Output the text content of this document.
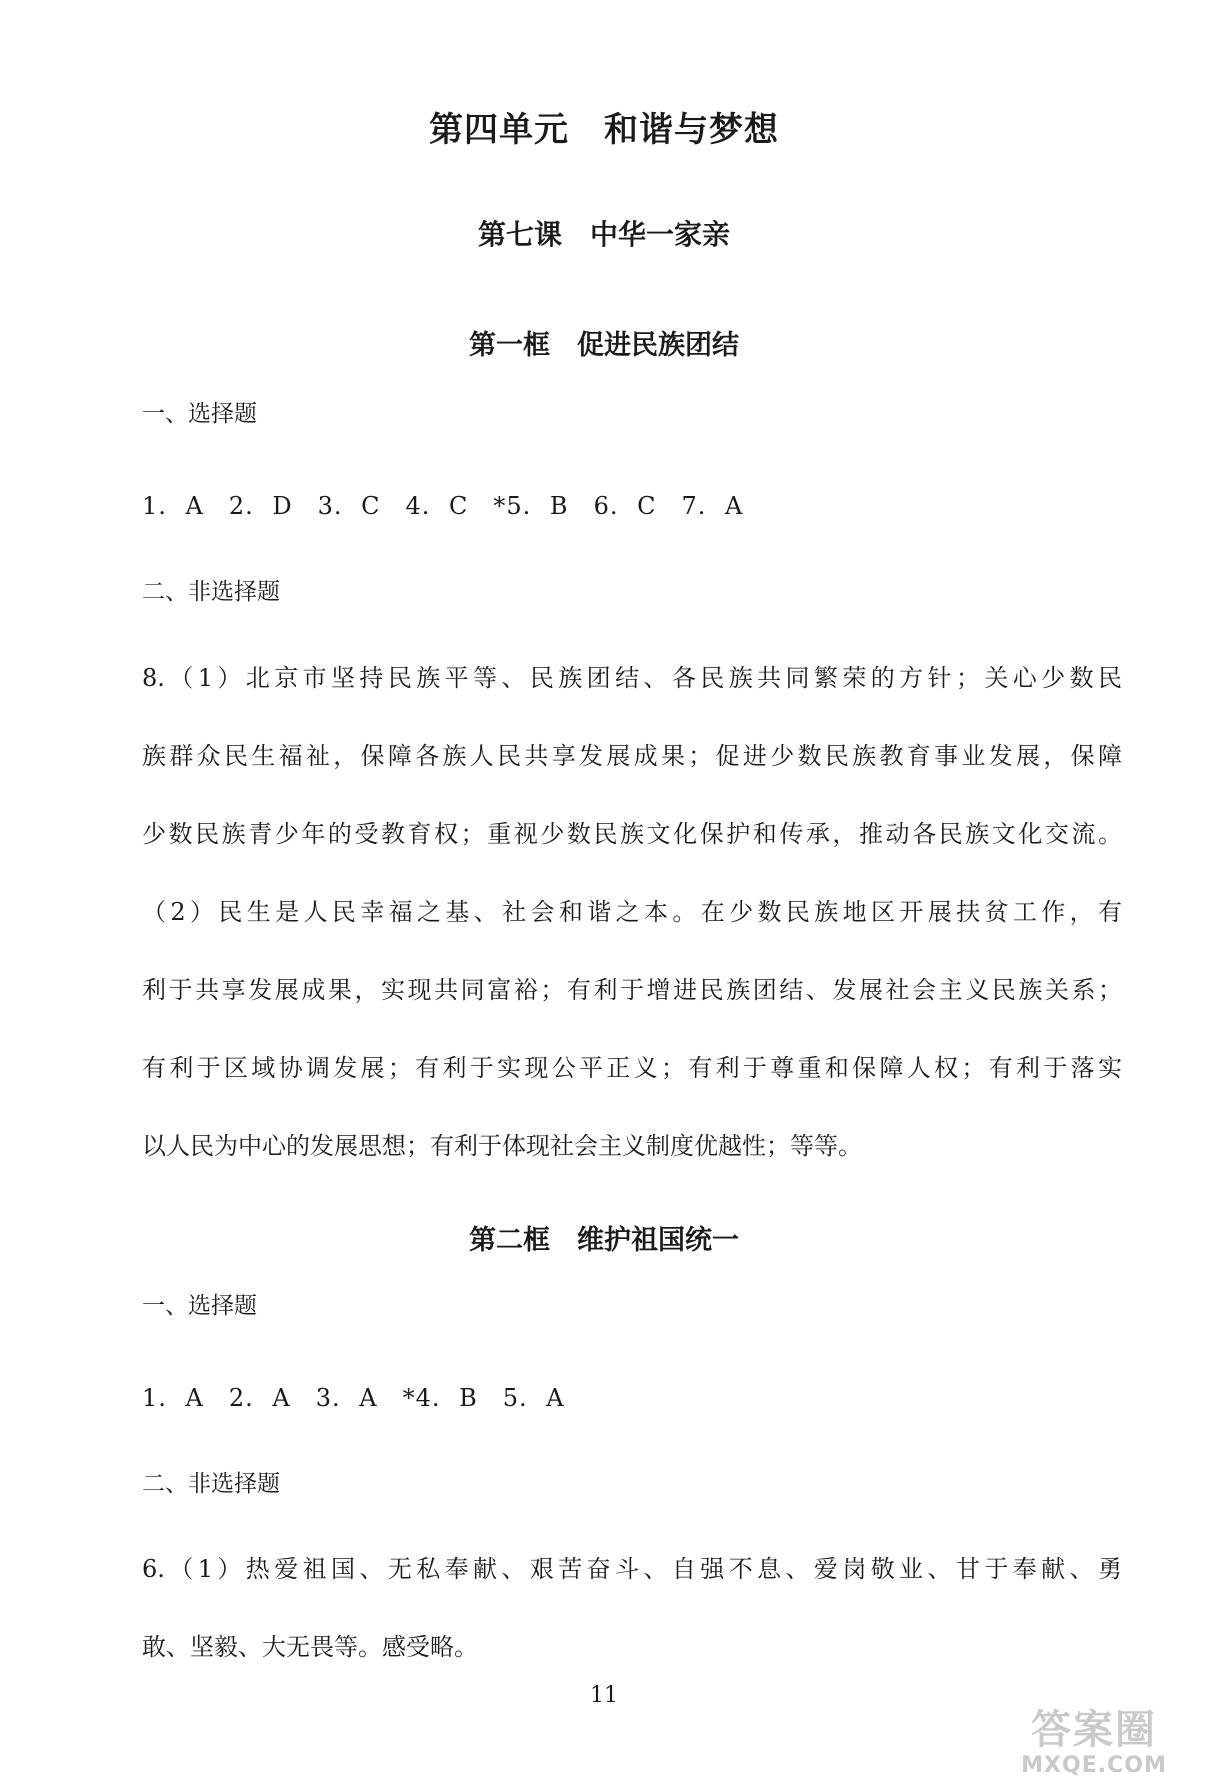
第四单元　和谐与梦想
第七课　中华一家亲
第一框　促进民族团结
一、选择题
1. A　2. D　3. C　4. C　*5. B　6. C　7. A
二、非选择题
8.（1）北京市坚持民族平等、民族团结、各民族共同繁荣的方针；关心少数民
族群众民生福祉，保障各族人民共享发展成果；促进少数民族教育事业发展，保障
少数民族青少年的受教育权；重视少数民族文化保护和传承，推动各民族文化交流。
（2）民生是人民幸福之基、社会和谐之本。在少数民族地区开展扶贫工作，有
利于共享发展成果，实现共同富裕；有利于增进民族团结、发展社会主义民族关系；
有利于区域协调发展；有利于实现公平正义；有利于尊重和保障人权；有利于落实
以人民为中心的发展思想；有利于体现社会主义制度优越性；等等。
第二框　维护祖国统一
一、选择题
1. A　2. A　3. A　*4. B　5. A
二、非选择题
6.（1）热爱祖国、无私奉献、艰苦奋斗、自强不息、爱岗敬业、甘于奉献、勇
敢、坚毅、大无畏等。感受略。
11
答案圈
MXQE.COM
